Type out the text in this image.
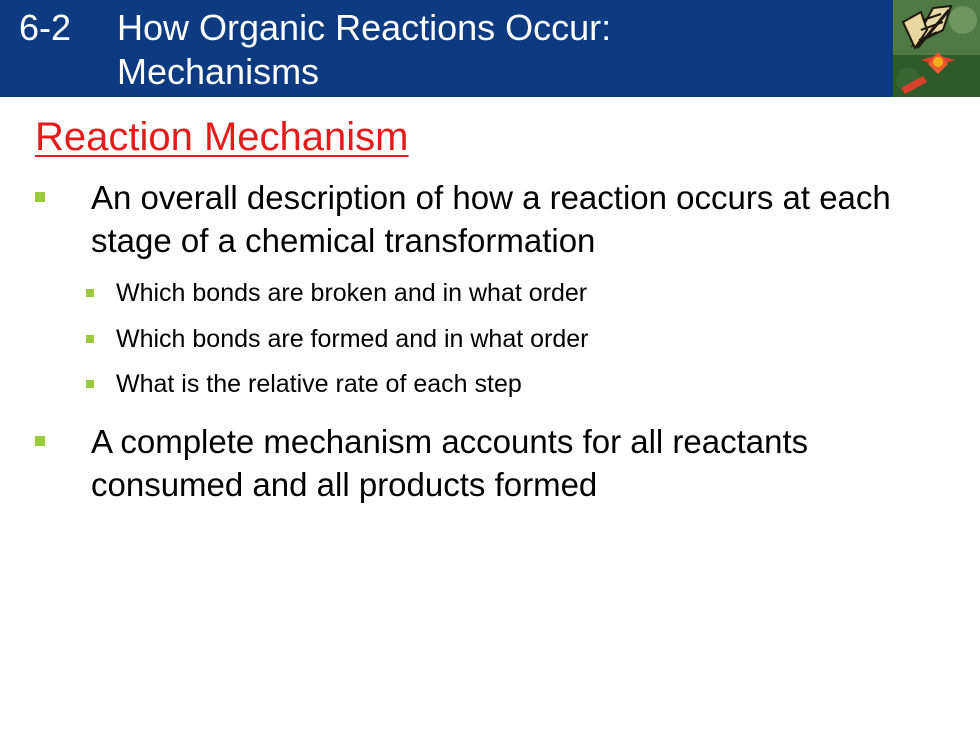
6-2 How Organic Reactions Occur: Mechanisms
Reaction Mechanism
An overall description of how a reaction occurs at each stage of a chemical transformation
Which bonds are broken and in what order
Which bonds are formed and in what order
What is the relative rate of each step
A complete mechanism accounts for all reactants consumed and all products formed
